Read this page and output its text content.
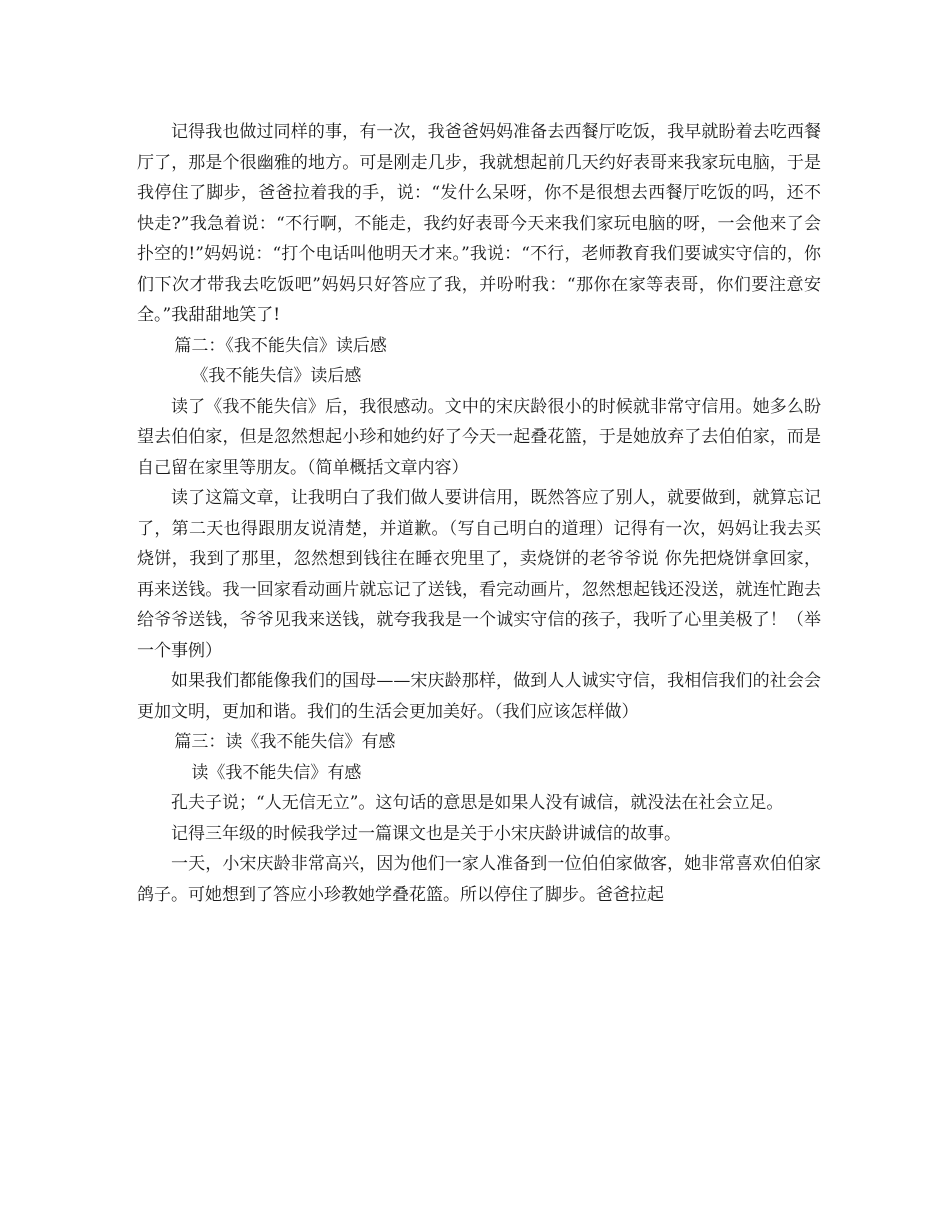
记得我也做过同样的事，有一次，我爸爸妈妈准备去西餐厅吃饭，我早就盼着去吃西餐厅了，那是个很幽雅的地方。可是刚走几步，我就想起前几天约好表哥来我家玩电脑，于是我停住了脚步，爸爸拉着我的手，说：“发什么呆呀，你不是很想去西餐厅吃饭的吗，还不快走?”我急着说：“不行啊，不能走，我约好表哥今天来我们家玩电脑的呀，一会他来了会扑空的!”妈妈说：“打个电话叫他明天才来。”我说：“不行，老师教育我们要诚实守信的，你们下次才带我去吃饭吧”妈妈只好答应了我，并吩咐我：“那你在家等表哥，你们要注意安全。”我甜甜地笑了!

篇二：《我不能失信》读后感

《我不能失信》读后感

读了《我不能失信》后，我很感动。文中的宋庆龄很小的时候就非常守信用。她多么盼望去伯伯家，但是忽然想起小珍和她约好了今天一起叠花篮，于是她放弃了去伯伯家，而是自己留在家里等朋友。（简单概括文章内容）

读了这篇文章，让我明白了我们做人要讲信用，既然答应了别人，就要做到，就算忘记了，第二天也得跟朋友说清楚，并道歉。（写自己明白的道理）记得有一次，妈妈让我去买烧饼，我到了那里，忽然想到钱往在睡衣兜里了，卖烧饼的老爷爷说 你先把烧饼拿回家，再来送钱。我一回家看动画片就忘记了送钱，看完动画片，忽然想起钱还没送，就连忙跑去给爷爷送钱，爷爷见我来送钱，就夸我我是一个诚实守信的孩子，我听了心里美极了！（举一个事例）

如果我们都能像我们的国母——宋庆龄那样，做到人人诚实守信，我相信我们的社会会更加文明，更加和谐。我们的生活会更加美好。（我们应该怎样做）

篇三：读《我不能失信》有感

读《我不能失信》有感

孔夫子说；“人无信无立”。这句话的意思是如果人没有诚信，就没法在社会立足。

记得三年级的时候我学过一篇课文也是关于小宋庆龄讲诚信的故事。

一天，小宋庆龄非常高兴，因为他们一家人准备到一位伯伯家做客，她非常喜欢伯伯家鸽子。可她想到了答应小珍教她学叠花篮。所以停住了脚步。爸爸拉起
